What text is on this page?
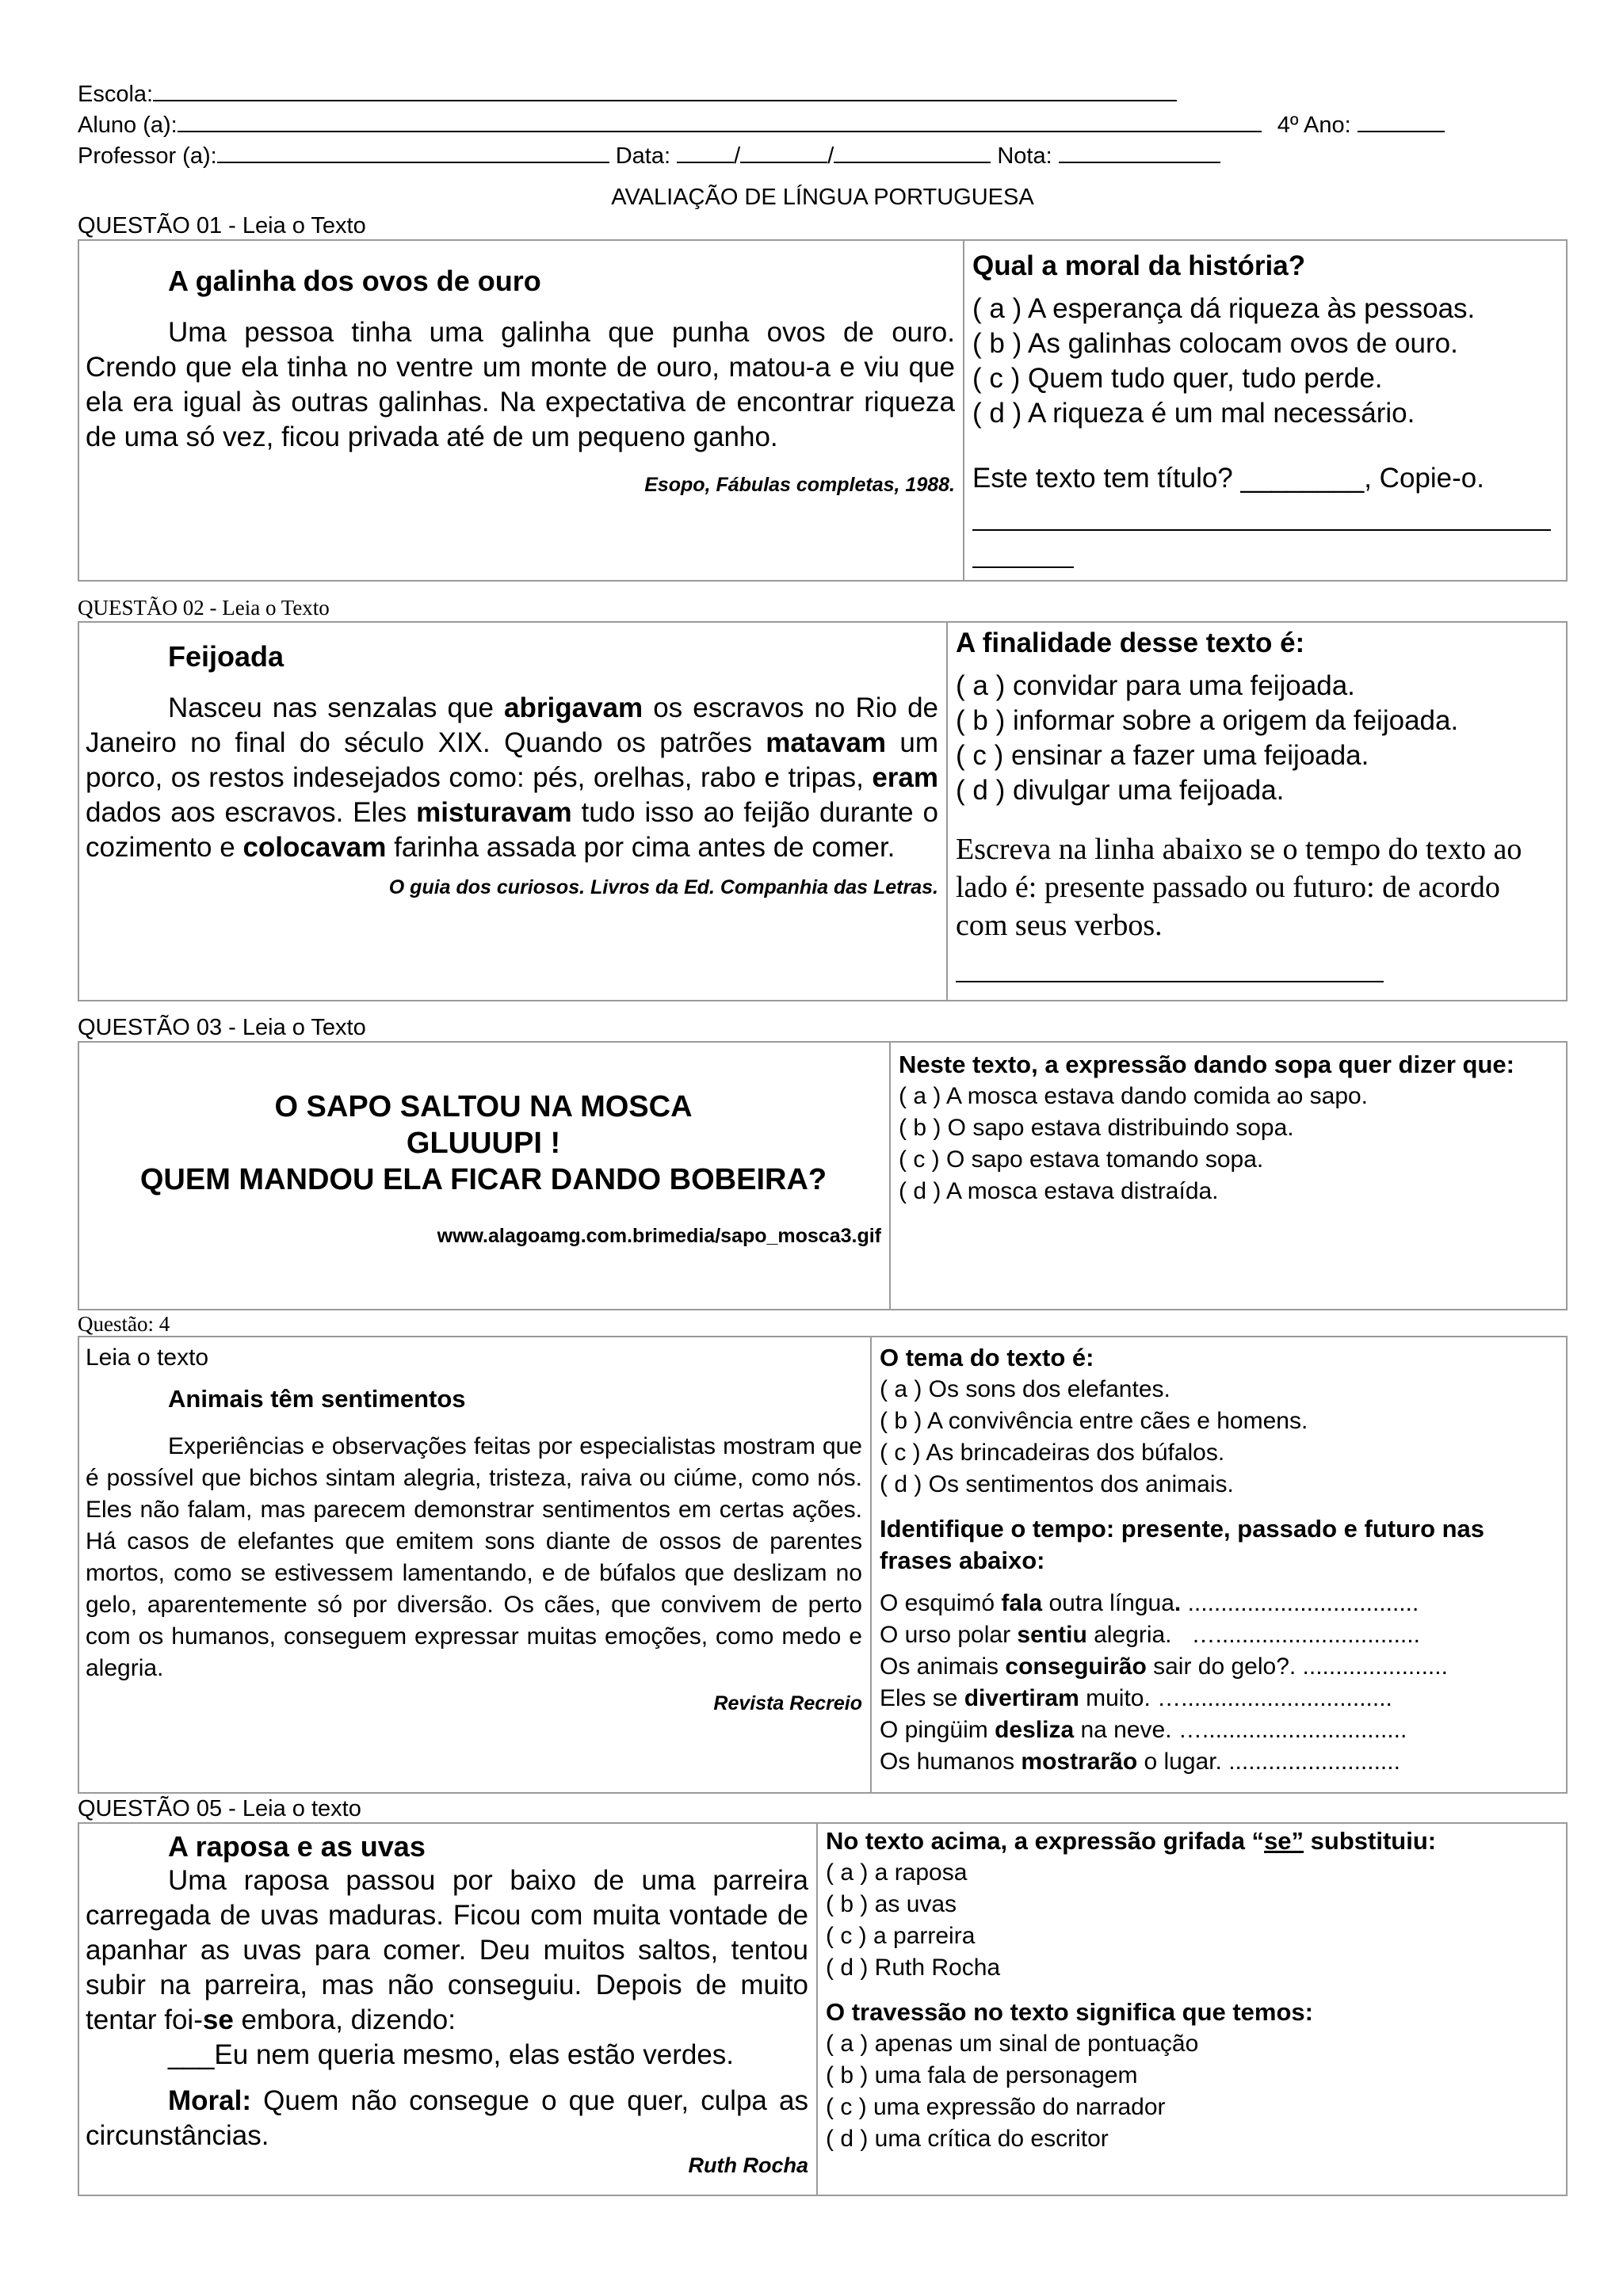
Escola:
Aluno (a):	4º Ano:
Professor (a):	Data:	/	/	Nota:
AVALIAÇÃO DE LÍNGUA PORTUGUESA
QUESTÃO 01 - Leia o Texto
A galinha dos ovos de ouro
Uma pessoa tinha uma galinha que punha ovos de ouro. Crendo que ela tinha no ventre um monte de ouro, matou-a e viu que ela era igual às outras galinhas. Na expectativa de encontrar riqueza de uma só vez, ficou privada até de um pequeno ganho.
Esopo, Fábulas completas, 1988.
Qual a moral da história?
( a ) A esperança dá riqueza às pessoas.
( b ) As galinhas colocam ovos de ouro.
( c ) Quem tudo quer, tudo perde.
( d ) A riqueza é um mal necessário.
Este texto tem título? ________, Copie-o.

QUESTÃO 02 - Leia o Texto
Feijoada
Nasceu nas senzalas que abrigavam os escravos no Rio de Janeiro no final do século XIX. Quando os patrões matavam um porco, os restos indesejados como: pés, orelhas, rabo e tripas, eram dados aos escravos. Eles misturavam tudo isso ao feijão durante o cozimento e colocavam farinha assada por cima antes de comer.
O guia dos curiosos. Livros da Ed. Companhia das Letras.
A finalidade desse texto é:
( a ) convidar para uma feijoada.
( b ) informar sobre a origem da feijoada.
( c ) ensinar a fazer uma feijoada.
( d ) divulgar uma feijoada.
Escreva na linha abaixo se o tempo do texto ao lado é: presente passado ou futuro: de acordo com seus verbos.
QUESTÃO 03 - Leia o Texto
O SAPO SALTOU NA MOSCA
GLUUUPI !
QUEM MANDOU ELA FICAR DANDO BOBEIRA?
www.alagoamg.com.brimedia/sapo_mosca3.gif
Neste texto, a expressão dando sopa quer dizer que:
( a ) A mosca estava dando comida ao sapo.
( b ) O sapo estava distribuindo sopa.
( c ) O sapo estava tomando sopa.
( d ) A mosca estava distraída.
Questão: 4
Leia o texto
Animais têm sentimentos
Experiências e observações feitas por especialistas mostram que é possível que bichos sintam alegria, tristeza, raiva ou ciúme, como nós. Eles não falam, mas parecem demonstrar sentimentos em certas ações. Há casos de elefantes que emitem sons diante de ossos de parentes mortos, como se estivessem lamentando, e de búfalos que deslizam no gelo, aparentemente só por diversão. Os cães, que convivem de perto com os humanos, conseguem expressar muitas emoções, como medo e alegria.
Revista Recreio
O tema do texto é:
( a ) Os sons dos elefantes.
( b ) A convivência entre cães e homens.
( c ) As brincadeiras dos búfalos.
( d ) Os sentimentos dos animais.
Identifique o tempo: presente, passado e futuro nas frases abaixo:
O esquimó fala outra língua. ...................................
O urso polar sentiu alegria.   …...............................
Os animais conseguirão sair do gelo?. ......................
Eles se divertiram muito. …................................
O pingüim desliza na neve. …...............................
Os humanos mostrarão o lugar. ..........................
QUESTÃO 05 - Leia o texto
A raposa e as uvas
Uma raposa passou por baixo de uma parreira carregada de uvas maduras. Ficou com muita vontade de apanhar as uvas para comer. Deu muitos saltos, tentou subir na parreira, mas não conseguiu. Depois de muito tentar foi-se embora, dizendo:
___Eu nem queria mesmo, elas estão verdes.
Moral: Quem não consegue o que quer, culpa as circunstâncias.
Ruth Rocha
No texto acima, a expressão grifada “se” substituiu:
( a ) a raposa
( b ) as uvas
( c ) a parreira
( d ) Ruth Rocha
O travessão no texto significa que temos:
( a ) apenas um sinal de pontuação
( b ) uma fala de personagem
( c ) uma expressão do narrador
( d ) uma crítica do escritor
